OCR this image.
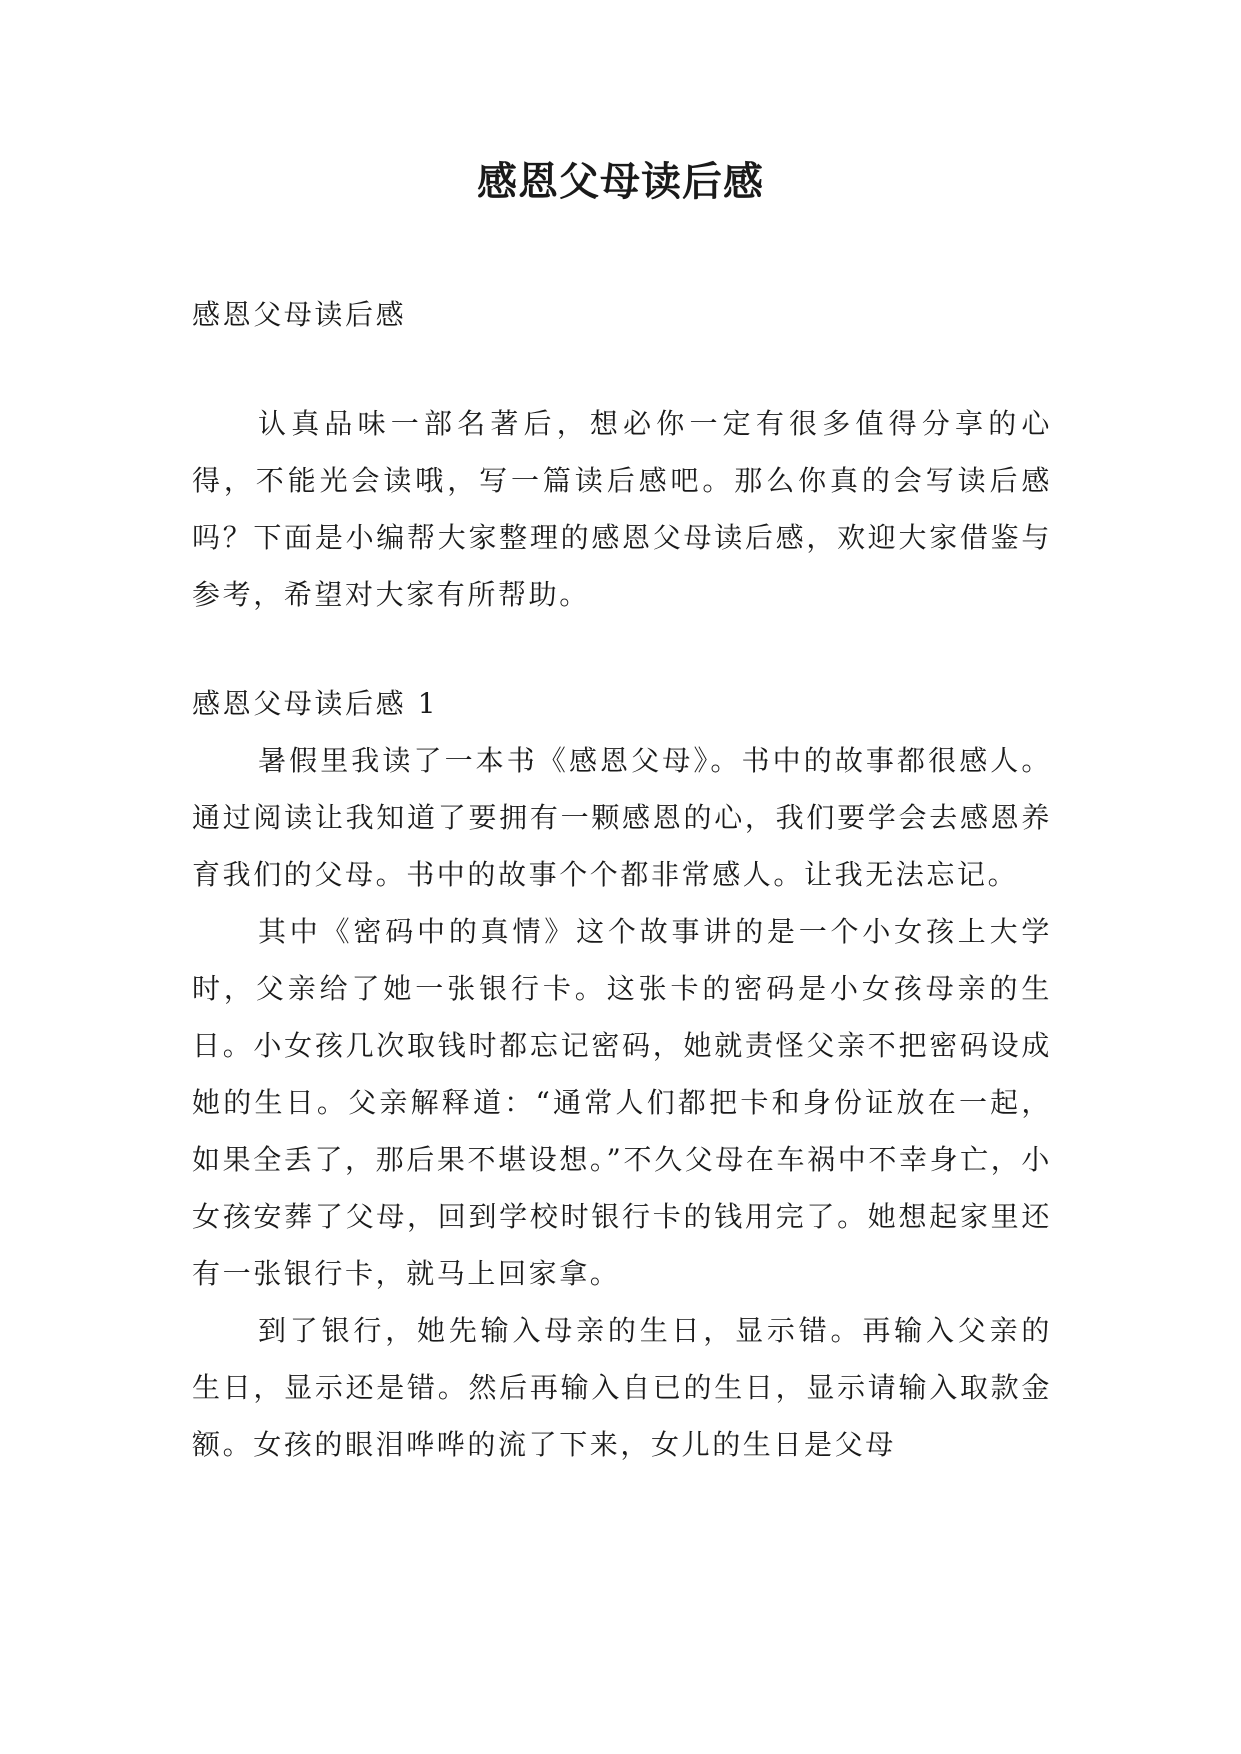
感恩父母读后感

感恩父母读后感

认真品味一部名著后，想必你一定有很多值得分享的心得，不能光会读哦，写一篇读后感吧。那么你真的会写读后感吗？下面是小编帮大家整理的感恩父母读后感，欢迎大家借鉴与参考，希望对大家有所帮助。

感恩父母读后感 1

暑假里我读了一本书《感恩父母》。书中的故事都很感人。通过阅读让我知道了要拥有一颗感恩的心，我们要学会去感恩养育我们的父母。书中的故事个个都非常感人。让我无法忘记。

其中《密码中的真情》这个故事讲的是一个小女孩上大学时，父亲给了她一张银行卡。这张卡的密码是小女孩母亲的生日。小女孩几次取钱时都忘记密码，她就责怪父亲不把密码设成她的生日。父亲解释道：“通常人们都把卡和身份证放在一起，如果全丢了，那后果不堪设想。”不久父母在车祸中不幸身亡，小女孩安葬了父母，回到学校时银行卡的钱用完了。她想起家里还有一张银行卡，就马上回家拿。

到了银行，她先输入母亲的生日，显示错。再输入父亲的生日，显示还是错。然后再输入自已的生日，显示请输入取款金额。女孩的眼泪哗哗的流了下来，女儿的生日是父母
